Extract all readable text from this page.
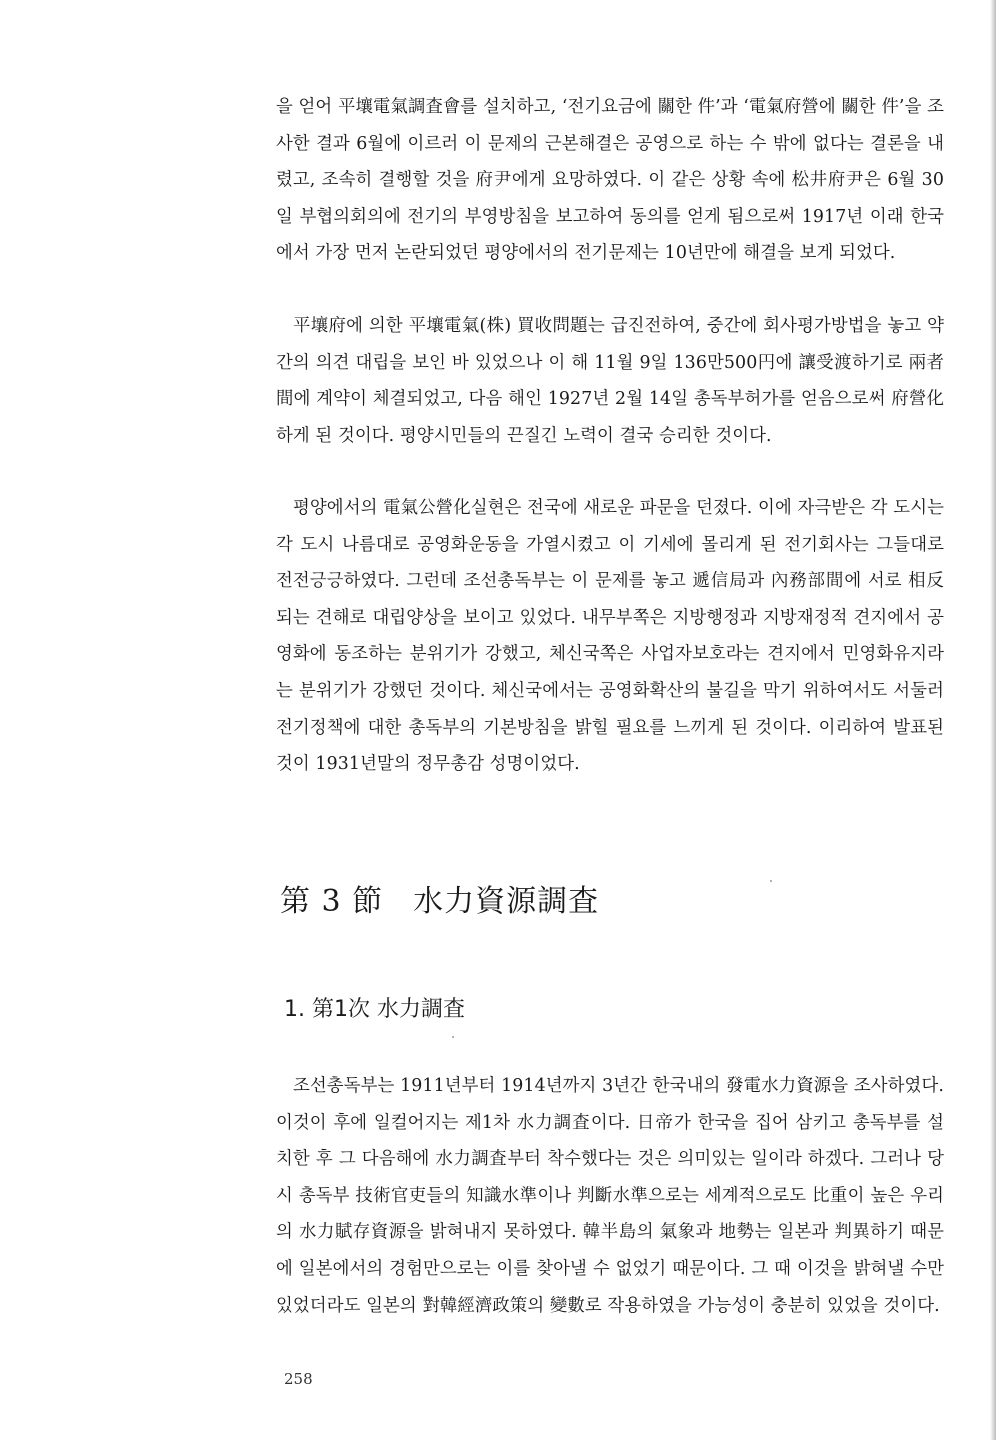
을 얻어 平壤電氣調査會를 설치하고, ‘전기요금에 關한 件’과 ‘電氣府營에 關한 件’을 조사한 결과 6월에 이르러 이 문제의 근본해결은 공영으로 하는 수 밖에 없다는 결론을 내렸고, 조속히 결행할 것을 府尹에게 요망하였다. 이 같은 상황 속에 松井府尹은 6월 30일 부협의회의에 전기의 부영방침을 보고하여 동의를 얻게 됨으로써 1917년 이래 한국에서 가장 먼저 논란되었던 평양에서의 전기문제는 10년만에 해결을 보게 되었다.

平壤府에 의한 平壤電氣(株) 買收問題는 급진전하여, 중간에 회사평가방법을 놓고 약간의 의견 대립을 보인 바 있었으나 이 해 11월 9일 136만500円에 讓受渡하기로 兩者間에 계약이 체결되었고, 다음 해인 1927년 2월 14일 총독부허가를 얻음으로써 府營化하게 된 것이다. 평양시민들의 끈질긴 노력이 결국 승리한 것이다.

평양에서의 電氣公營化실현은 전국에 새로운 파문을 던졌다. 이에 자극받은 각 도시는 각 도시 나름대로 공영화운동을 가열시켰고 이 기세에 몰리게 된 전기회사는 그들대로 전전긍긍하였다. 그런데 조선총독부는 이 문제를 놓고 遞信局과 內務部間에 서로 相反되는 견해로 대립양상을 보이고 있었다. 내무부쪽은 지방행정과 지방재정적 견지에서 공영화에 동조하는 분위기가 강했고, 체신국쪽은 사업자보호라는 견지에서 민영화유지라는 분위기가 강했던 것이다. 체신국에서는 공영화확산의 불길을 막기 위하여서도 서둘러 전기정책에 대한 총독부의 기본방침을 밝힐 필요를 느끼게 된 것이다. 이리하여 발표된 것이 1931년말의 정무총감 성명이었다.

第 3 節 水力資源調査
1. 第1次 水力調査

조선총독부는 1911년부터 1914년까지 3년간 한국내의 發電水力資源을 조사하였다. 이것이 후에 일컬어지는 제1차 水力調査이다. 日帝가 한국을 집어 삼키고 총독부를 설치한 후 그 다음해에 水力調査부터 착수했다는 것은 의미있는 일이라 하겠다. 그러나 당시 총독부 技術官吏들의 知識水準이나 判斷水準으로는 세계적으로도 比重이 높은 우리의 水力賦存資源을 밝혀내지 못하였다. 韓半島의 氣象과 地勢는 일본과 判異하기 때문에 일본에서의 경험만으로는 이를 찾아낼 수 없었기 때문이다. 그 때 이것을 밝혀낼 수만 있었더라도 일본의 對韓經濟政策의 變數로 작용하였을 가능성이 충분히 있었을 것이다.

258
